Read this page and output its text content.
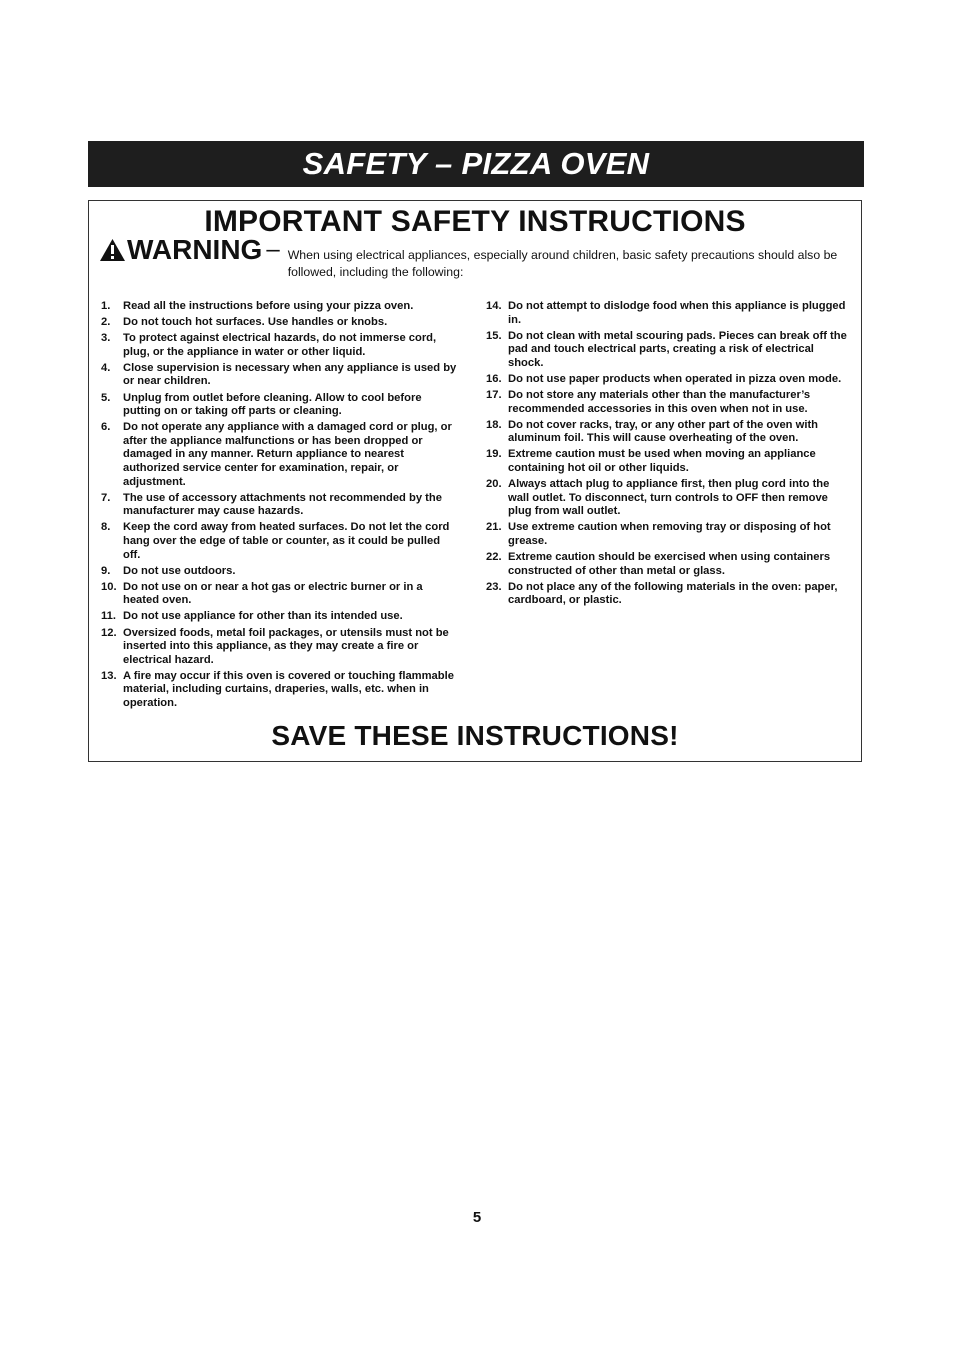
SAFETY – PIZZA OVEN
IMPORTANT SAFETY INSTRUCTIONS
WARNING – When using electrical appliances, especially around children, basic safety precautions should also be followed, including the following:
1.	Read all the instructions before using your pizza oven.
2.	Do not touch hot surfaces. Use handles or knobs.
3.	To protect against electrical hazards, do not immerse cord, plug, or the appliance in water or other liquid.
4.	Close supervision is necessary when any appliance is used by or near children.
5.	Unplug from outlet before cleaning. Allow to cool before putting on or taking off parts or cleaning.
6.	Do not operate any appliance with a damaged cord or plug, or after the appliance malfunctions or has been dropped or damaged in any manner. Return appliance to nearest authorized service center for examination, repair, or adjustment.
7.	The use of accessory attachments not recommended by the manufacturer may cause hazards.
8.	Keep the cord away from heated surfaces. Do not let the cord hang over the edge of table or counter, as it could be pulled off.
9.	Do not use outdoors.
10. Do not use on or near a hot gas or electric burner or in a heated oven.
11. Do not use appliance for other than its intended use.
12. Oversized foods, metal foil packages, or utensils must not be inserted into this appliance, as they may create a fire or electrical hazard.
13. A fire may occur if this oven is covered or touching flammable material, including curtains, draperies, walls, etc. when in operation.
14. Do not attempt to dislodge food when this appliance is plugged in.
15. Do not clean with metal scouring pads. Pieces can break off the pad and touch electrical parts, creating a risk of electrical shock.
16. Do not use paper products when operated in pizza oven mode.
17. Do not store any materials other than the manufacturer’s recommended accessories in this oven when not in use.
18. Do not cover racks, tray, or any other part of the oven with aluminum foil. This will cause overheating of the oven.
19. Extreme caution must be used when moving an appliance containing hot oil or other liquids.
20. Always attach plug to appliance first, then plug cord into the wall outlet. To disconnect, turn controls to OFF then remove plug from wall outlet.
21. Use extreme caution when removing tray or disposing of hot grease.
22. Extreme caution should be exercised when using containers constructed of other than metal or glass.
23. Do not place any of the following materials in the oven: paper, cardboard, or plastic.
SAVE THESE INSTRUCTIONS!
5
